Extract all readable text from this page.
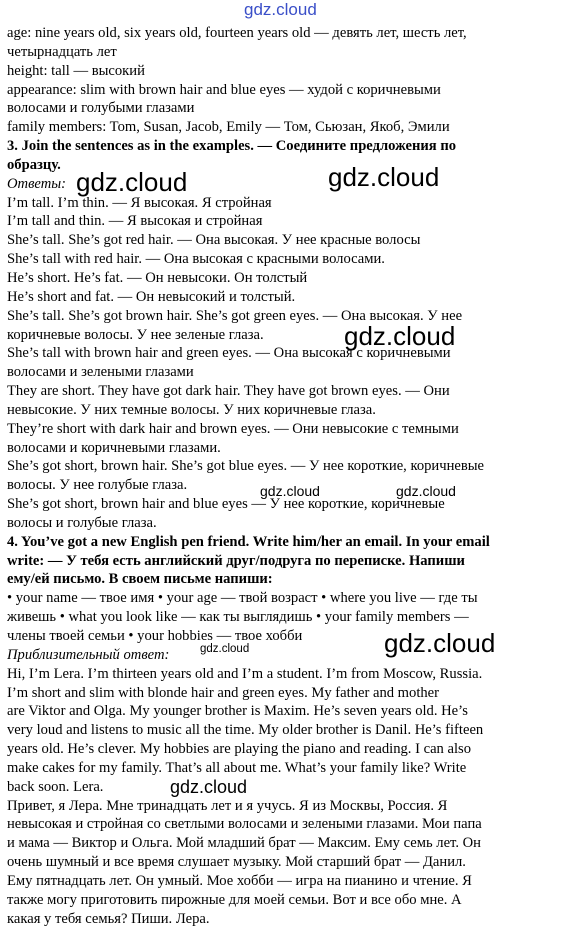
gdz.cloud
age: nine years old, six years old, fourteen years old — девять лет, шесть лет,
четырнадцать лет
height: tall — высокий
appearance: slim with brown hair and blue eyes — худой с коричневыми
волосами и голубыми глазами
family members: Tom, Susan, Jacob, Emily — Том, Сьюзан, Якоб, Эмили
3. Join the sentences as in the examples. — Соедините предложения по
образцу.
Ответы:
I’m tall. I’m thin. — Я высокая. Я стройная
I’m tall and thin. — Я высокая и стройная
She’s tall. She’s got red hair. — Она высокая. У нее красные волосы
She’s tall with red hair. — Она высокая с красными волосами.
He’s short. He’s fat. — Он невысоки. Он толстый
He’s short and fat. — Он невысокий и толстый.
She’s tall. She’s got brown hair. She’s got green eyes. — Она высокая. У нее
коричневые волосы. У нее зеленые глаза.
She’s tall with brown hair and green eyes. — Она высокая с коричневыми
волосами и зелеными глазами
They are short. They have got dark hair. They have got brown eyes. — Они
невысокие. У них темные волосы. У них коричневые глаза.
They’re short with dark hair and brown eyes. — Они невысокие с темными
волосами и коричневыми глазами.
She’s got short, brown hair. She’s got blue eyes. — У нее короткие, коричневые
волосы. У нее голубые глаза.
She’s got short, brown hair and blue eyes — У нее короткие, коричневые
волосы и голубые глаза.
4. You’ve got a new English pen friend. Write him/her an email. In your email
write: — У тебя есть английский друг/подруга по переписке. Напиши
ему/ей письмо. В своем письме напиши:
• your name — твое имя • your age — твой возраст • where you live — где ты
живешь • what you look like — как ты выглядишь • your family members —
члены твоей семьи • your hobbies — твое хобби
Приблизительный ответ:
Hi, I’m Lera. I’m thirteen years old and I’m a student. I’m from Moscow, Russia.
I’m short and slim with blonde hair and green eyes. My father and mother
are Viktor and Olga. My younger brother is Maxim. He’s seven years old. He’s
very loud and listens to music all the time. My older brother is Danil. He’s fifteen
years old. He’s clever. My hobbies are playing the piano and reading. I can also
make cakes for my family. That’s all about me. What’s your family like? Write
back soon. Lera.
Привет, я Лера. Мне тринадцать лет и я учусь. Я из Москвы, Россия. Я
невысокая и стройная со светлыми волосами и зелеными глазами. Мои папа
и мама — Виктор и Ольга. Мой младший брат — Максим. Ему семь лет. Он
очень шумный и все время слушает музыку. Мой старший брат — Данил.
Ему пятнадцать лет. Он умный. Мое хобби — игра на пианино и чтение. Я
также могу приготовить пирожные для моей семьи. Вот и все обо мне. А
какая у тебя семья? Пиши. Лера.
gdz.cloud	gdz.cloud
gdz.cloud
gdz.cloud	gdz.cloud
gdz.cloud
gdz.cloud
gdz.cloud
